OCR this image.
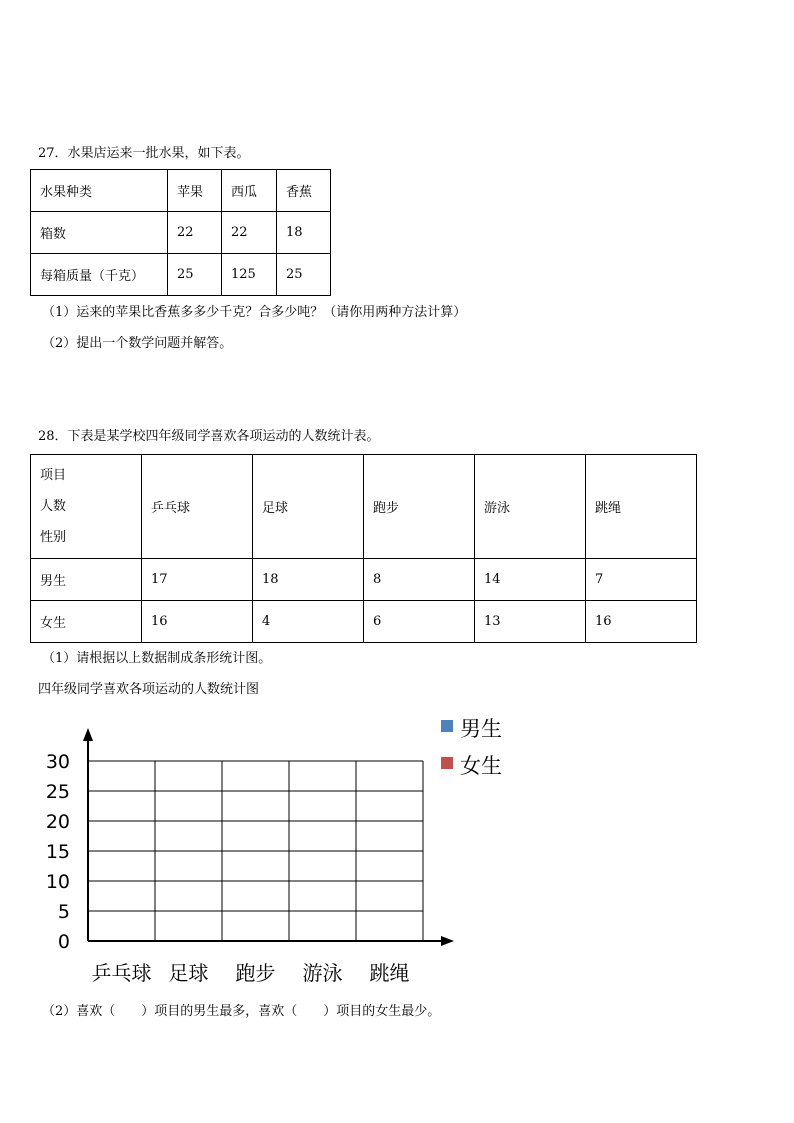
27．水果店运来一批水果，如下表。
水果种类	苹果	西瓜	香蕉
箱数	22	22	18
每箱质量（千克）	25	125	25
（1）运来的苹果比香蕉多多少千克？合多少吨？（请你用两种方法计算）
（2）提出一个数学问题并解答。
28．下表是某学校四年级同学喜欢各项运动的人数统计表。
项目
人数
性别	乒乓球	足球	跑步	游泳	跳绳
男生	17	18	8	14	7
女生	16	4	6	13	16
（1）请根据以上数据制成条形统计图。
四年级同学喜欢各项运动的人数统计图
0
5
10
15
20
25
30
乒乓球 足球 跑步 游泳 跳绳
男生
女生
（2）喜欢（　　）项目的男生最多，喜欢（　　）项目的女生最少。
